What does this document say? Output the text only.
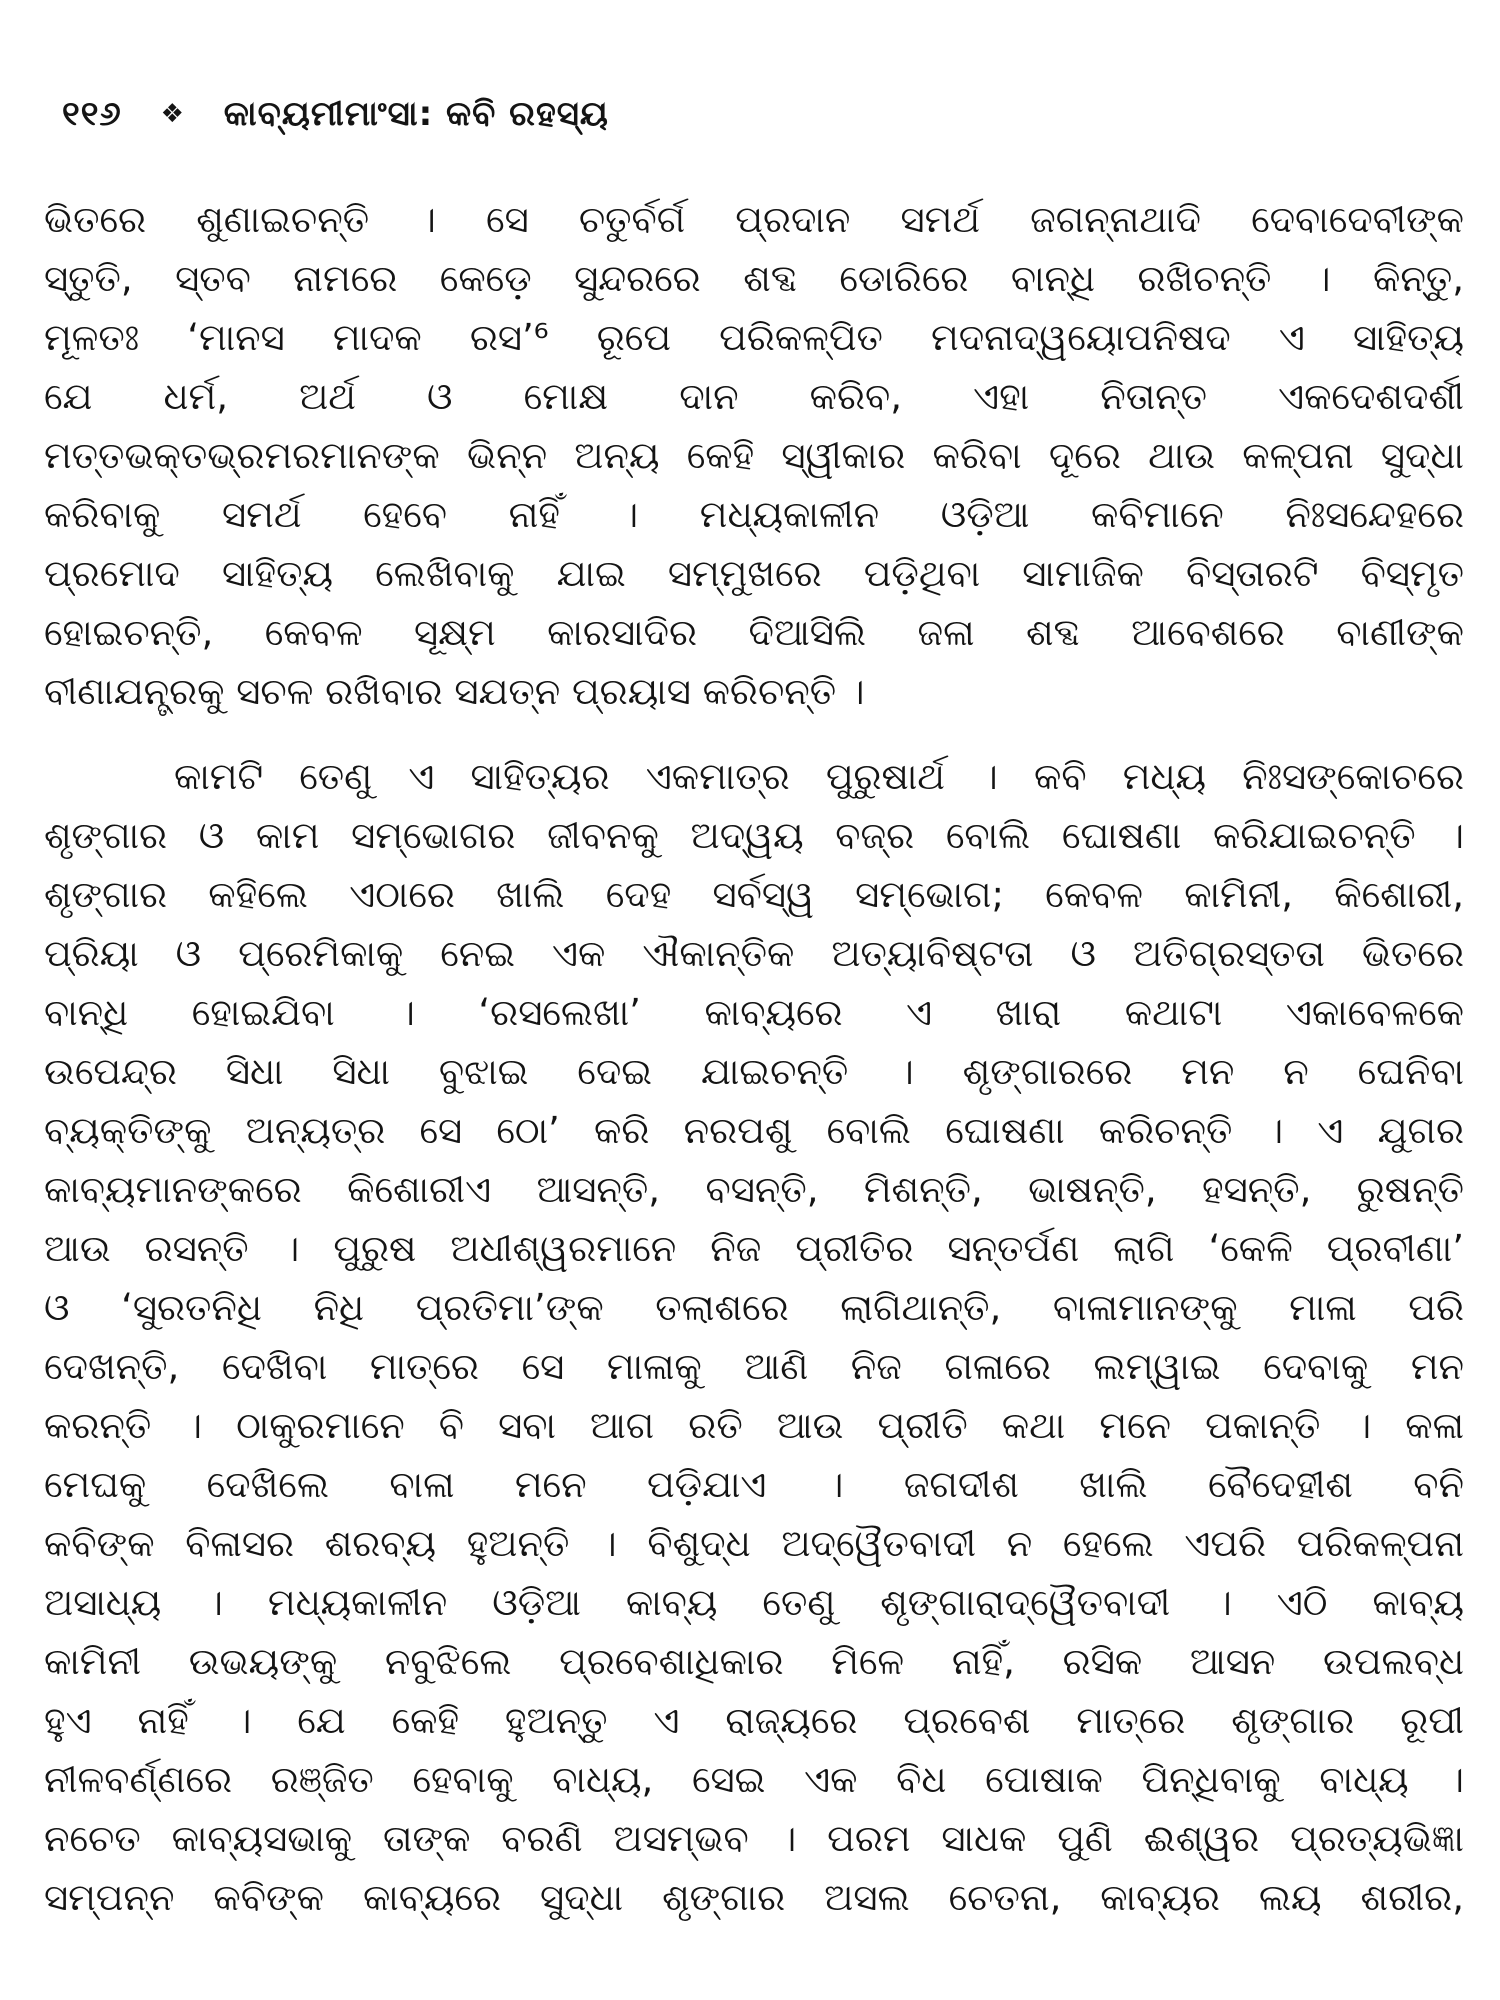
୧୧୬ ❖ କାବ୍ୟମୀମାଂସା: କବି ରହସ୍ୟ
ଭିତରେ ଶୁଣାଇଚନ୍ତି । ସେ ଚତୁର୍ବର୍ଗ ପ୍ରଦାନ ସମର୍ଥ ଜଗନ୍ନାଥାଦି ଦେବାଦେବୀଙ୍କ
ସ୍ତୁତି, ସ୍ତବ ନାମରେ କେଡ଼େ ସୁନ୍ଦରରେ ଶବ୍ଦ ଡୋରିରେ ବାନ୍ଧି ରଖିଚନ୍ତି । କିନ୍ତୁ,
ମୂଳତଃ ‘ମାନସ ମାଦକ ରସ’⁶ ରୂପେ ପରିକଳ୍ପିତ ମଦନାଦ୍ୱୟୋପନିଷଦ ଏ ସାହିତ୍ୟ
ଯେ ଧର୍ମ, ଅର୍ଥ ଓ ମୋକ୍ଷ ଦାନ କରିବ, ଏହା ନିତାନ୍ତ ଏକଦେଶଦର୍ଶୀ
ମତ୍ତଭକ୍ତଭ୍ରମରମାନଙ୍କ ଭିନ୍ନ ଅନ୍ୟ କେହି ସ୍ୱୀକାର କରିବା ଦୂରେ ଥାଉ କଳ୍ପନା ସୁଦ୍ଧା
କରିବାକୁ ସମର୍ଥ ହେବେ ନାହିଁ । ମଧ୍ୟକାଳୀନ ଓଡ଼ିଆ କବିମାନେ ନିଃସନ୍ଦେହରେ
ପ୍ରମୋଦ ସାହିତ୍ୟ ଲେଖିବାକୁ ଯାଇ ସମ୍ମୁଖରେ ପଡ଼ିଥିବା ସାମାଜିକ ବିସ୍ତାରଟି ବିସ୍ମୃତ
ହୋଇଚନ୍ତି, କେବଳ ସୂକ୍ଷ୍ମ କାରସାଦିର ଦିଆସିଲି ଜଳା ଶବ୍ଦ ଆବେଶରେ ବାଣୀଙ୍କ
ବୀଣାଯନ୍ତ୍ରକୁ ସଚଳ ରଖିବାର ସଯତ୍ନ ପ୍ରୟାସ କରିଚନ୍ତି ।
କାମଟି ତେଣୁ ଏ ସାହିତ୍ୟର ଏକମାତ୍ର ପୁରୁଷାର୍ଥ । କବି ମଧ୍ୟ ନିଃସଙ୍କୋଚରେ
ଶୃଙ୍ଗାର ଓ କାମ ସମ୍ଭୋଗର ଜୀବନକୁ ଅଦ୍ୱୟ ବଜ୍ର ବୋଲି ଘୋଷଣା କରିଯାଇଚନ୍ତି ।
ଶୃଙ୍ଗାର କହିଲେ ଏଠାରେ ଖାଲି ଦେହ ସର୍ବସ୍ୱ ସମ୍ଭୋଗ; କେବଳ କାମିନୀ, କିଶୋରୀ,
ପ୍ରିୟା ଓ ପ୍ରେମିକାକୁ ନେଇ ଏକ ଐକାନ୍ତିକ ଅତ୍ୟାବିଷ୍ଟତା ଓ ଅତିଗ୍ରସ୍ତତା ଭିତରେ
ବାନ୍ଧି ହୋଇଯିବା । ‘ରସଲେଖା’ କାବ୍ୟରେ ଏ ଖାରା କଥାଟା ଏକାବେଳକେ
ଉପେନ୍ଦ୍ର ସିଧା ସିଧା ବୁଝାଇ ଦେଇ ଯାଇଚନ୍ତି । ଶୃଙ୍ଗାରରେ ମନ ନ ଘେନିବା
ବ୍ୟକ୍ତିଙ୍କୁ ଅନ୍ୟତ୍ର ସେ ଠୋ’ କରି ନରପଶୁ ବୋଲି ଘୋଷଣା କରିଚନ୍ତି । ଏ ଯୁଗର
କାବ୍ୟମାନଙ୍କରେ କିଶୋରୀଏ ଆସନ୍ତି, ବସନ୍ତି, ମିଶନ୍ତି, ଭାଷନ୍ତି, ହସନ୍ତି, ରୁଷନ୍ତି
ଆଉ ରସନ୍ତି । ପୁରୁଷ ଅଧୀଶ୍ୱରମାନେ ନିଜ ପ୍ରୀତିର ସନ୍ତର୍ପଣ ଲାଗି ‘କେଳି ପ୍ରବୀଣା’
ଓ ‘ସୁରତନିଧି ନିଧି ପ୍ରତିମା’ଙ୍କ ତଲାଶରେ ଲାଗିଥାନ୍ତି, ବାଳାମାନଙ୍କୁ ମାଳା ପରି
ଦେଖନ୍ତି, ଦେଖିବା ମାତ୍ରେ ସେ ମାଳାକୁ ଆଣି ନିଜ ଗଳାରେ ଲମ୍ୱାଇ ଦେବାକୁ ମନ
କରନ୍ତି । ଠାକୁରମାନେ ବି ସବା ଆଗ ରତି ଆଉ ପ୍ରୀତି କଥା ମନେ ପକାନ୍ତି । କଳା
ମେଘକୁ ଦେଖିଲେ ବାଳା ମନେ ପଡ଼ିଯାଏ । ଜଗଦୀଶ ଖାଲି ବୈଦେହୀଶ ବନି
କବିଙ୍କ ବିଳାସର ଶରବ୍ୟ ହୁଅନ୍ତି । ବିଶୁଦ୍ଧ ଅଦ୍ୱୈତବାଦୀ ନ ହେଲେ ଏପରି ପରିକଳ୍ପନା
ଅସାଧ୍ୟ । ମଧ୍ୟକାଳୀନ ଓଡ଼ିଆ କାବ୍ୟ ତେଣୁ ଶୃଙ୍ଗାରାଦ୍ୱୈତବାଦୀ । ଏଠି କାବ୍ୟ
କାମିନୀ ଉଭୟଙ୍କୁ ନବୁଝିଲେ ପ୍ରବେଶାଧିକାର ମିଳେ ନାହିଁ, ରସିକ ଆସନ ଉପଲବ୍ଧ
ହୁଏ ନାହିଁ । ଯେ କେହି ହୁଅନ୍ତୁ ଏ ରାଜ୍ୟରେ ପ୍ରବେଶ ମାତ୍ରେ ଶୃଙ୍ଗାର ରୂପୀ
ନୀଳବର୍ଣ୍ଣରେ ରଞ୍ଜିତ ହେବାକୁ ବାଧ୍ୟ, ସେଇ ଏକ ବିଧ ପୋଷାକ ପିନ୍ଧିବାକୁ ବାଧ୍ୟ ।
ନଚେତ କାବ୍ୟସଭାକୁ ତାଙ୍କ ବରଣି ଅସମ୍ଭବ । ପରମ ସାଧକ ପୁଣି ଈଶ୍ୱର ପ୍ରତ୍ୟଭିଜ୍ଞା
ସମ୍ପନ୍ନ କବିଙ୍କ କାବ୍ୟରେ ସୁଦ୍ଧା ଶୃଙ୍ଗାର ଅସଲ ଚେତନା, କାବ୍ୟର ଲୟ ଶରୀର,
